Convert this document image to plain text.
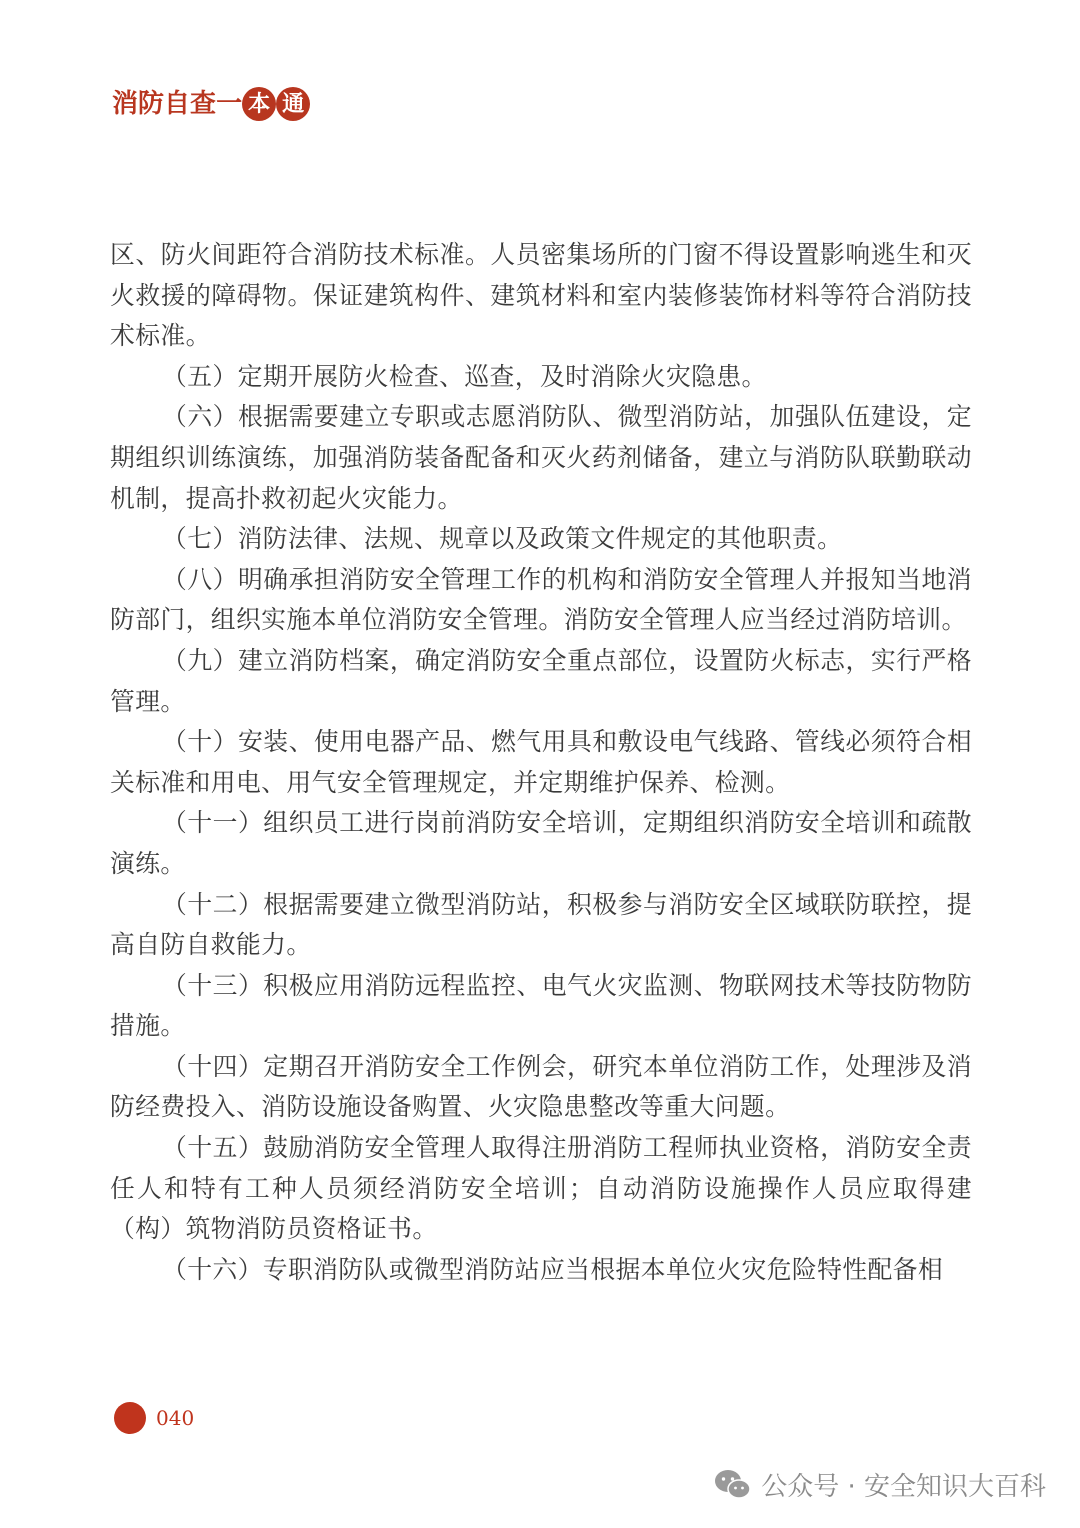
消 防 自 查 一 本 通

区、防火间距符合消防技术标准。人员密集场所的门窗不得设置影响逃生和灭火救援的障碍物。保证建筑构件、建筑材料和室内装修装饰材料等符合消防技术标准。

（五）定期开展防火检查、巡查，及时消除火灾隐患。

（六）根据需要建立专职或志愿消防队、微型消防站，加强队伍建设，定期组织训练演练，加强消防装备配备和灭火药剂储备，建立与消防队联勤联动机制，提高扑救初起火灾能力。

（七）消防法律、法规、规章以及政策文件规定的其他职责。

（八）明确承担消防安全管理工作的机构和消防安全管理人并报知当地消防部门，组织实施本单位消防安全管理。消防安全管理人应当经过消防培训。

（九）建立消防档案，确定消防安全重点部位，设置防火标志，实行严格管理。

（十）安装、使用电器产品、燃气用具和敷设电气线路、管线必须符合相关标准和用电、用气安全管理规定，并定期维护保养、检测。

（十一）组织员工进行岗前消防安全培训，定期组织消防安全培训和疏散演练。

（十二）根据需要建立微型消防站，积极参与消防安全区域联防联控，提高自防自救能力。

（十三）积极应用消防远程监控、电气火灾监测、物联网技术等技防物防措施。

（十四）定期召开消防安全工作例会，研究本单位消防工作，处理涉及消防经费投入、消防设施设备购置、火灾隐患整改等重大问题。

（十五）鼓励消防安全管理人取得注册消防工程师执业资格，消防安全责任人和特有工种人员须经消防安全培训；自动消防设施操作人员应取得建（构）筑物消防员资格证书。

（十六）专职消防队或微型消防站应当根据本单位火灾危险特性配备相

040
公众号 · 安全知识大百科
